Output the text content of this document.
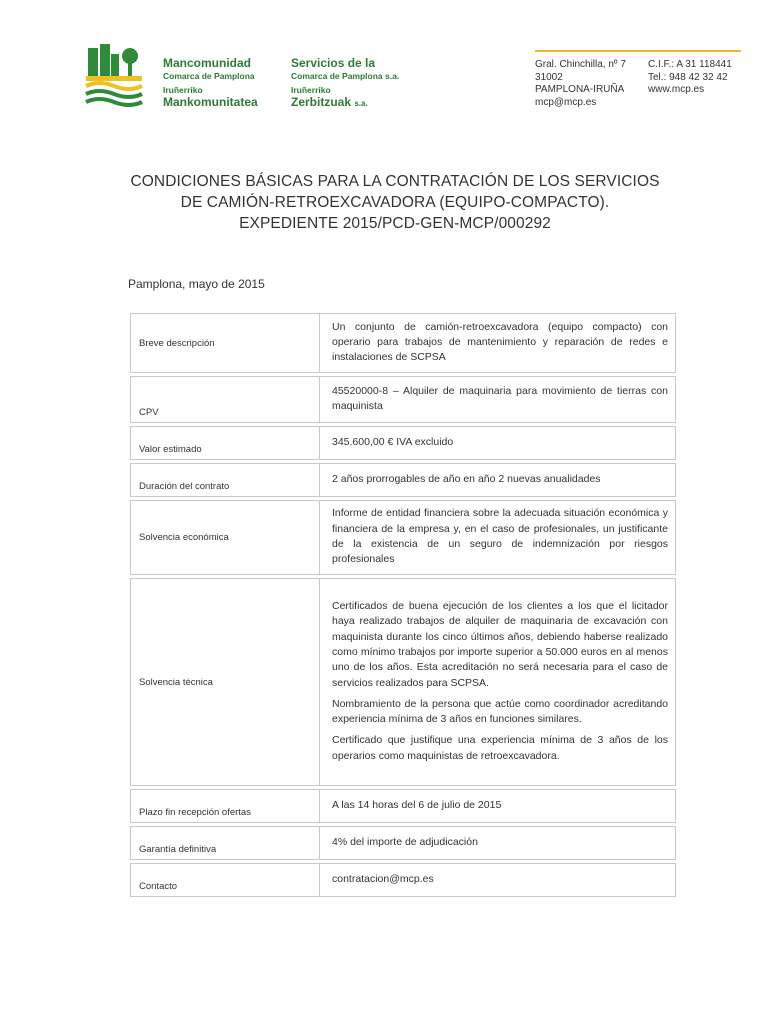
Mancomunidad
Comarca de Pamplona
Iruñerriko
Mankomunitatea
Servicios de la
Comarca de Pamplona s.a.
Iruñerriko
Zerbitzuak s.a.
Gral. Chinchilla, nº 7
31002
PAMPLONA-IRUÑA
mcp@mcp.es
C.I.F.: A 31 118441
Tel.: 948 42 32 42
www.mcp.es
CONDICIONES BÁSICAS PARA LA CONTRATACIÓN DE LOS SERVICIOS
DE CAMIÓN-RETROEXCAVADORA (EQUIPO-COMPACTO).
EXPEDIENTE 2015/PCD-GEN-MCP/000292
Pamplona, mayo de 2015
Breve descripción	Un conjunto de camión-retroexcavadora (equipo compacto) con operario para trabajos de mantenimiento y reparación de redes e instalaciones de SCPSA

CPV	45520000-8 – Alquiler de maquinaria para movimiento de tierras con maquinista

Valor estimado	345.600,00 € IVA excluido

Duración del contrato	2 años prorrogables de año en año 2 nuevas anualidades

Solvencia económica	Informe de entidad financiera sobre la adecuada situación económica y financiera de la empresa y, en el caso de profesionales, un justificante de la existencia de un seguro de indemnización por riesgos profesionales

Solvencia técnica	Certificados de buena ejecución de los clientes a los que el licitador haya realizado trabajos de alquiler de maquinaria de excavación con maquinista durante los cinco últimos años, debiendo haberse realizado como mínimo trabajos por importe superior a 50.000 euros en al menos uno de los años. Esta acreditación no será necesaria para el caso de servicios realizados para SCPSA.

Nombramiento de la persona que actúe como coordinador acreditando experiencia mínima de 3 años en funciones similares.

Certificado que justifique una experiencia mínima de 3 años de los operarios como maquinistas de retroexcavadora.

Plazo fin recepción ofertas	A las 14 horas del 6 de julio de 2015

Garantía definitiva	4% del importe de adjudicación

Contacto	contratacion@mcp.es
